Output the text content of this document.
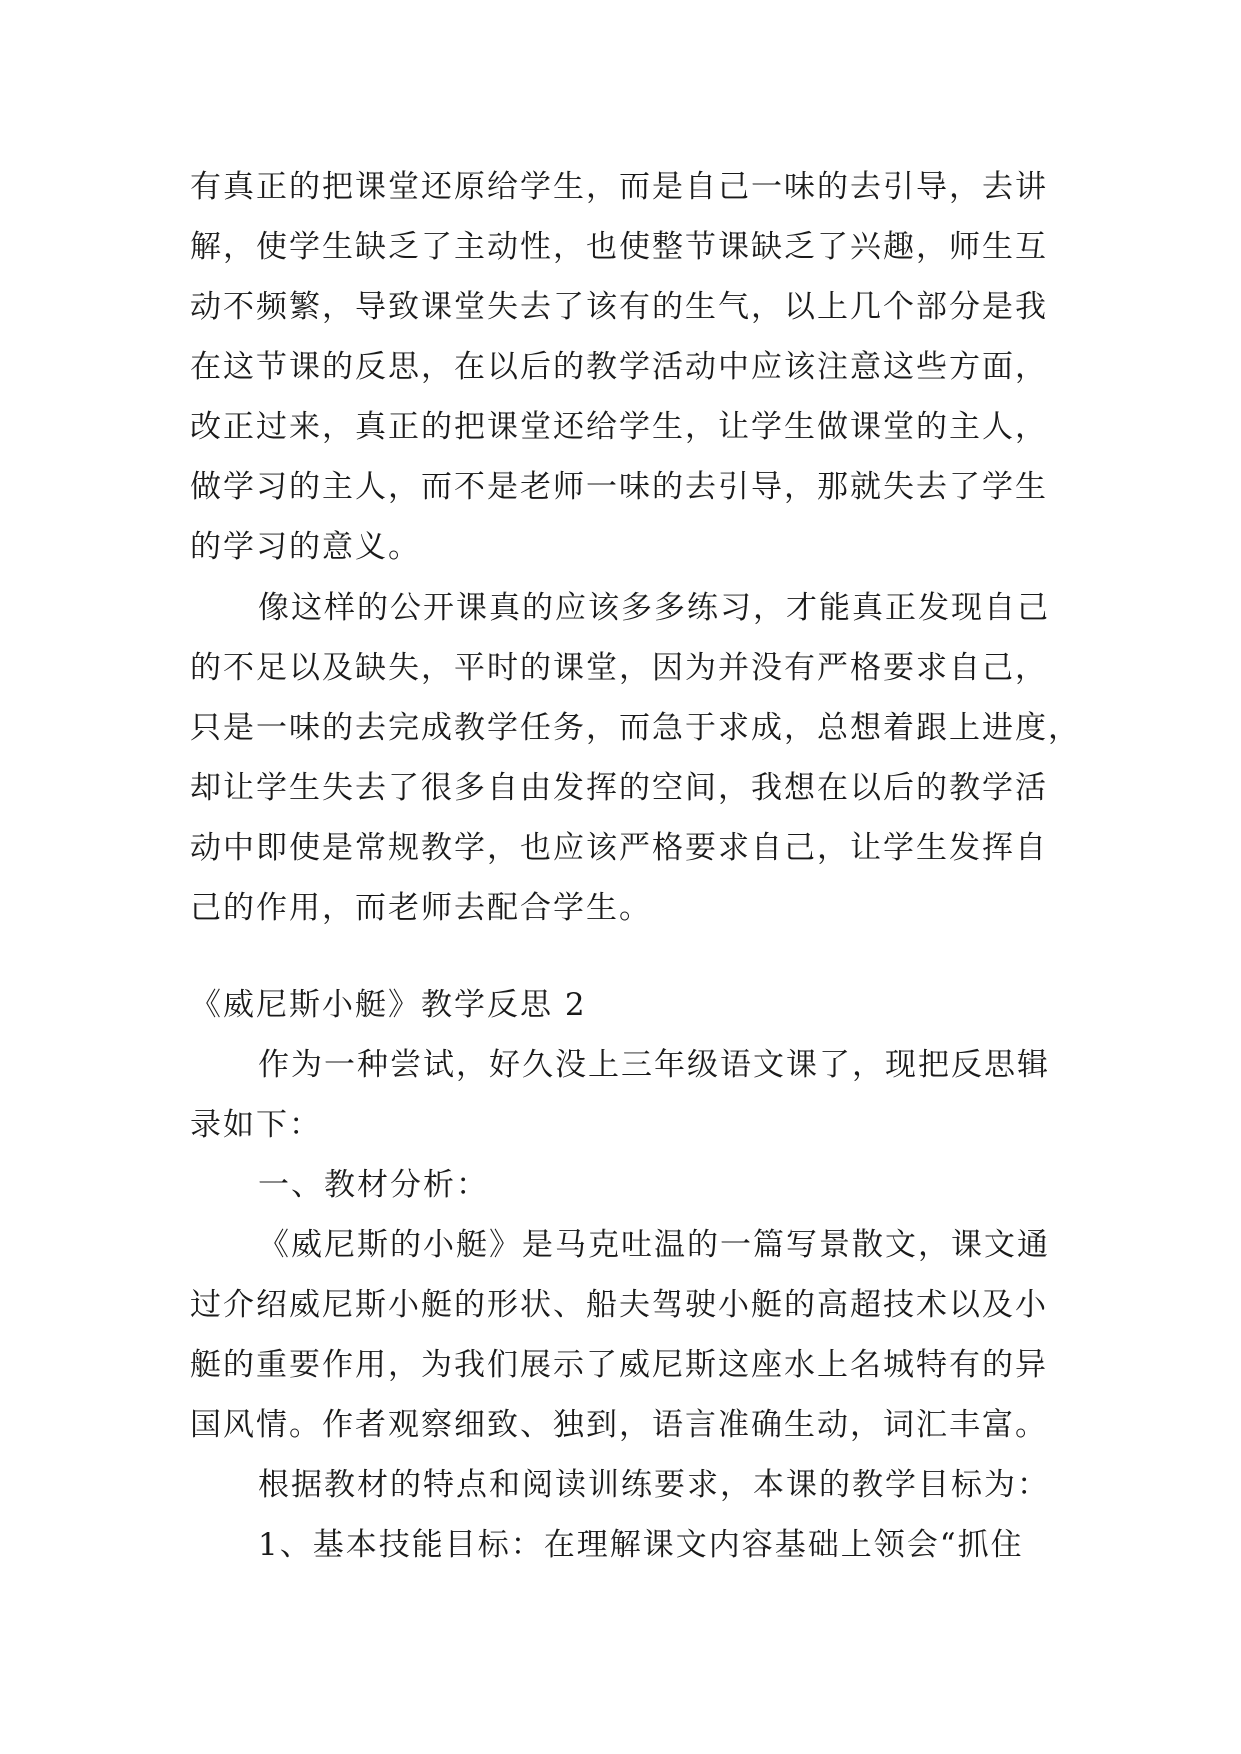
有真正的把课堂还原给学生，而是自己一味的去引导，去讲
解，使学生缺乏了主动性，也使整节课缺乏了兴趣，师生互
动不频繁，导致课堂失去了该有的生气，以上几个部分是我
在这节课的反思，在以后的教学活动中应该注意这些方面，
改正过来，真正的把课堂还给学生，让学生做课堂的主人，
做学习的主人，而不是老师一味的去引导，那就失去了学生
的学习的意义。
像这样的公开课真的应该多多练习，才能真正发现自己
的不足以及缺失，平时的课堂，因为并没有严格要求自己，
只是一味的去完成教学任务，而急于求成，总想着跟上进度，
却让学生失去了很多自由发挥的空间，我想在以后的教学活
动中即使是常规教学，也应该严格要求自己，让学生发挥自
己的作用，而老师去配合学生。
《威尼斯小艇》教学反思 2
作为一种尝试，好久没上三年级语文课了，现把反思辑
录如下：
一、教材分析：
《威尼斯的小艇》是马克吐温的一篇写景散文，课文通
过介绍威尼斯小艇的形状、船夫驾驶小艇的高超技术以及小
艇的重要作用，为我们展示了威尼斯这座水上名城特有的异
国风情。作者观察细致、独到，语言准确生动，词汇丰富。
根据教材的特点和阅读训练要求，本课的教学目标为：
1、基本技能目标：在理解课文内容基础上领会“抓住
